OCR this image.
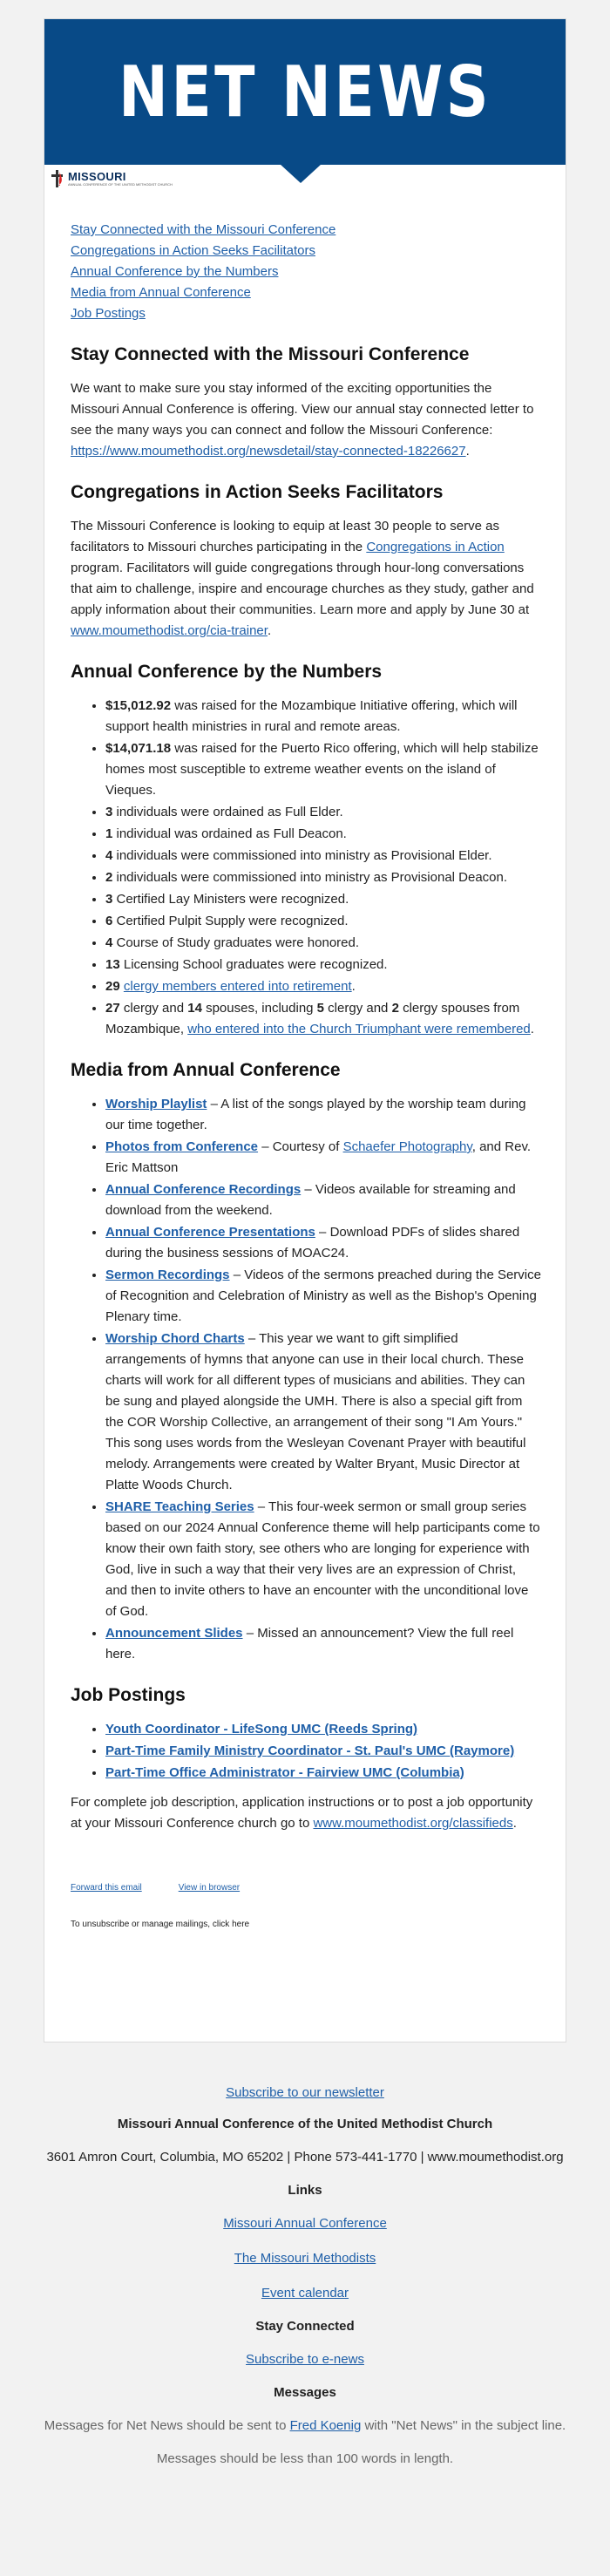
NET NEWS
MISSOURI
ANNUAL CONFERENCE OF THE UNITED METHODIST CHURCH
Stay Connected with the Missouri Conference
Congregations in Action Seeks Facilitators
Annual Conference by the Numbers
Media from Annual Conference
Job Postings
Stay Connected with the Missouri Conference

We want to make sure you stay informed of the exciting opportunities the Missouri Annual Conference is offering. View our annual stay connected letter to see the many ways you can connect and follow the Missouri Conference: https://www.moumethodist.org/newsdetail/stay-connected-18226627.

Congregations in Action Seeks Facilitators

The Missouri Conference is looking to equip at least 30 people to serve as facilitators to Missouri churches participating in the Congregations in Action program. Facilitators will guide congregations through hour-long conversations that aim to challenge, inspire and encourage churches as they study, gather and apply information about their communities. Learn more and apply by June 30 at www.moumethodist.org/cia-trainer.

Annual Conference by the Numbers
• $15,012.92 was raised for the Mozambique Initiative offering, which will support health ministries in rural and remote areas.
• $14,071.18 was raised for the Puerto Rico offering, which will help stabilize homes most susceptible to extreme weather events on the island of Vieques.
• 3 individuals were ordained as Full Elder.
• 1 individual was ordained as Full Deacon.
• 4 individuals were commissioned into ministry as Provisional Elder.
• 2 individuals were commissioned into ministry as Provisional Deacon.
• 3 Certified Lay Ministers were recognized.
• 6 Certified Pulpit Supply were recognized.
• 4 Course of Study graduates were honored.
• 13 Licensing School graduates were recognized.
• 29 clergy members entered into retirement.
• 27 clergy and 14 spouses, including 5 clergy and 2 clergy spouses from Mozambique, who entered into the Church Triumphant were remembered.
Media from Annual Conference
• Worship Playlist – A list of the songs played by the worship team during our time together.
• Photos from Conference – Courtesy of Schaefer Photography, and Rev. Eric Mattson
• Annual Conference Recordings – Videos available for streaming and download from the weekend.
• Annual Conference Presentations – Download PDFs of slides shared during the business sessions of MOAC24.
• Sermon Recordings – Videos of the sermons preached during the Service of Recognition and Celebration of Ministry as well as the Bishop's Opening Plenary time.
• Worship Chord Charts – This year we want to gift simplified arrangements of hymns that anyone can use in their local church. These charts will work for all different types of musicians and abilities. They can be sung and played alongside the UMH. There is also a special gift from the COR Worship Collective, an arrangement of their song "I Am Yours." This song uses words from the Wesleyan Covenant Prayer with beautiful melody. Arrangements were created by Walter Bryant, Music Director at Platte Woods Church.
• SHARE Teaching Series – This four-week sermon or small group series based on our 2024 Annual Conference theme will help participants come to know their own faith story, see others who are longing for experience with God, live in such a way that their very lives are an expression of Christ, and then to invite others to have an encounter with the unconditional love of God.
• Announcement Slides – Missed an announcement? View the full reel here.
Job Postings
• Youth Coordinator - LifeSong UMC (Reeds Spring)
• Part-Time Family Ministry Coordinator - St. Paul's UMC (Raymore)
• Part-Time Office Administrator - Fairview UMC (Columbia)

For complete job description, application instructions or to post a job opportunity at your Missouri Conference church go to www.moumethodist.org/classifieds.

Forward this email	View in browser
To unsubscribe or manage mailings, click here

Subscribe to our newsletter

Missouri Annual Conference of the United Methodist Church

3601 Amron Court, Columbia, MO 65202 | Phone 573-441-1770 | www.moumethodist.org

Links

Missouri Annual Conference

The Missouri Methodists

Event calendar

Stay Connected

Subscribe to e-news

Messages

Messages for Net News should be sent to Fred Koenig with "Net News" in the subject line.

Messages should be less than 100 words in length.
